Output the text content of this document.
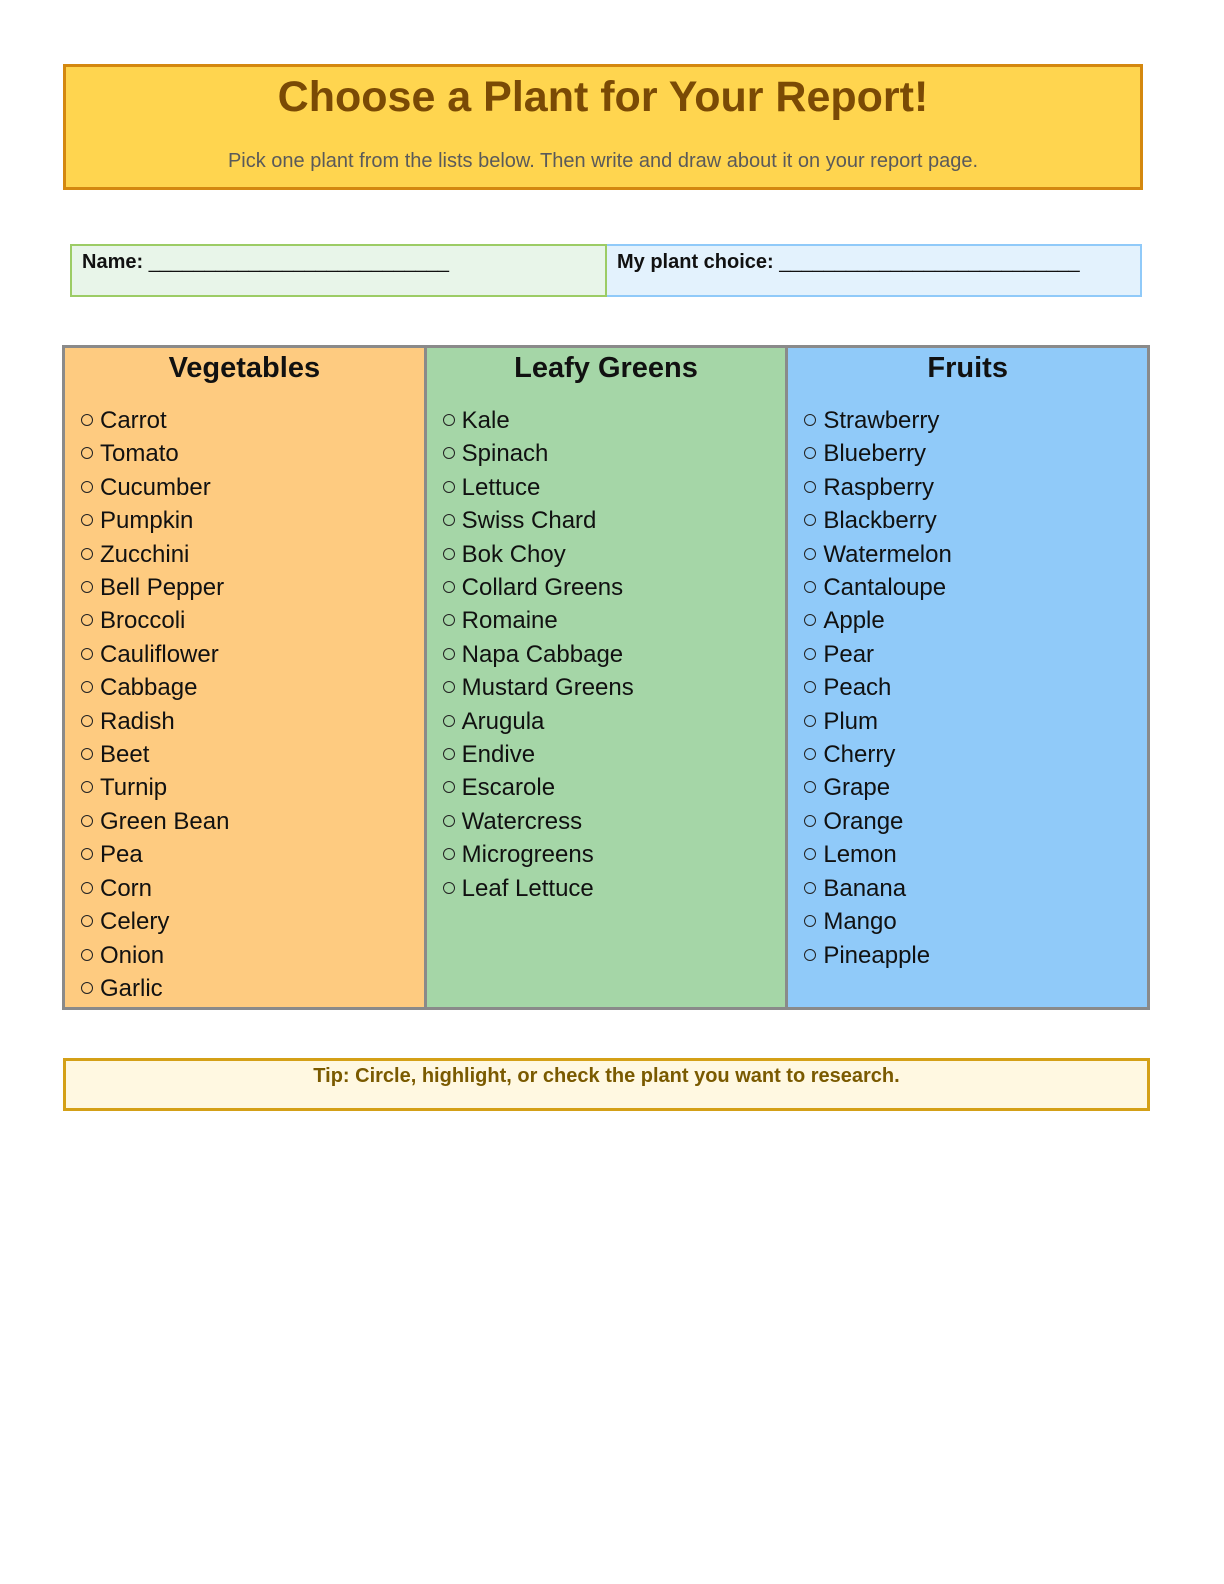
Choose a Plant for Your Report!
Pick one plant from the lists below. Then write and draw about it on your report page.
Name: ___________________________	My plant choice: ___________________________
Vegetables
Carrot
Tomato
Cucumber
Pumpkin
Zucchini
Bell Pepper
Broccoli
Cauliflower
Cabbage
Radish
Beet
Turnip
Green Bean
Pea
Corn
Celery
Onion
Garlic
Leafy Greens
Kale
Spinach
Lettuce
Swiss Chard
Bok Choy
Collard Greens
Romaine
Napa Cabbage
Mustard Greens
Arugula
Endive
Escarole
Watercress
Microgreens
Leaf Lettuce
Fruits
Strawberry
Blueberry
Raspberry
Blackberry
Watermelon
Cantaloupe
Apple
Pear
Peach
Plum
Cherry
Grape
Orange
Lemon
Banana
Mango
Pineapple
Tip: Circle, highlight, or check the plant you want to research.
